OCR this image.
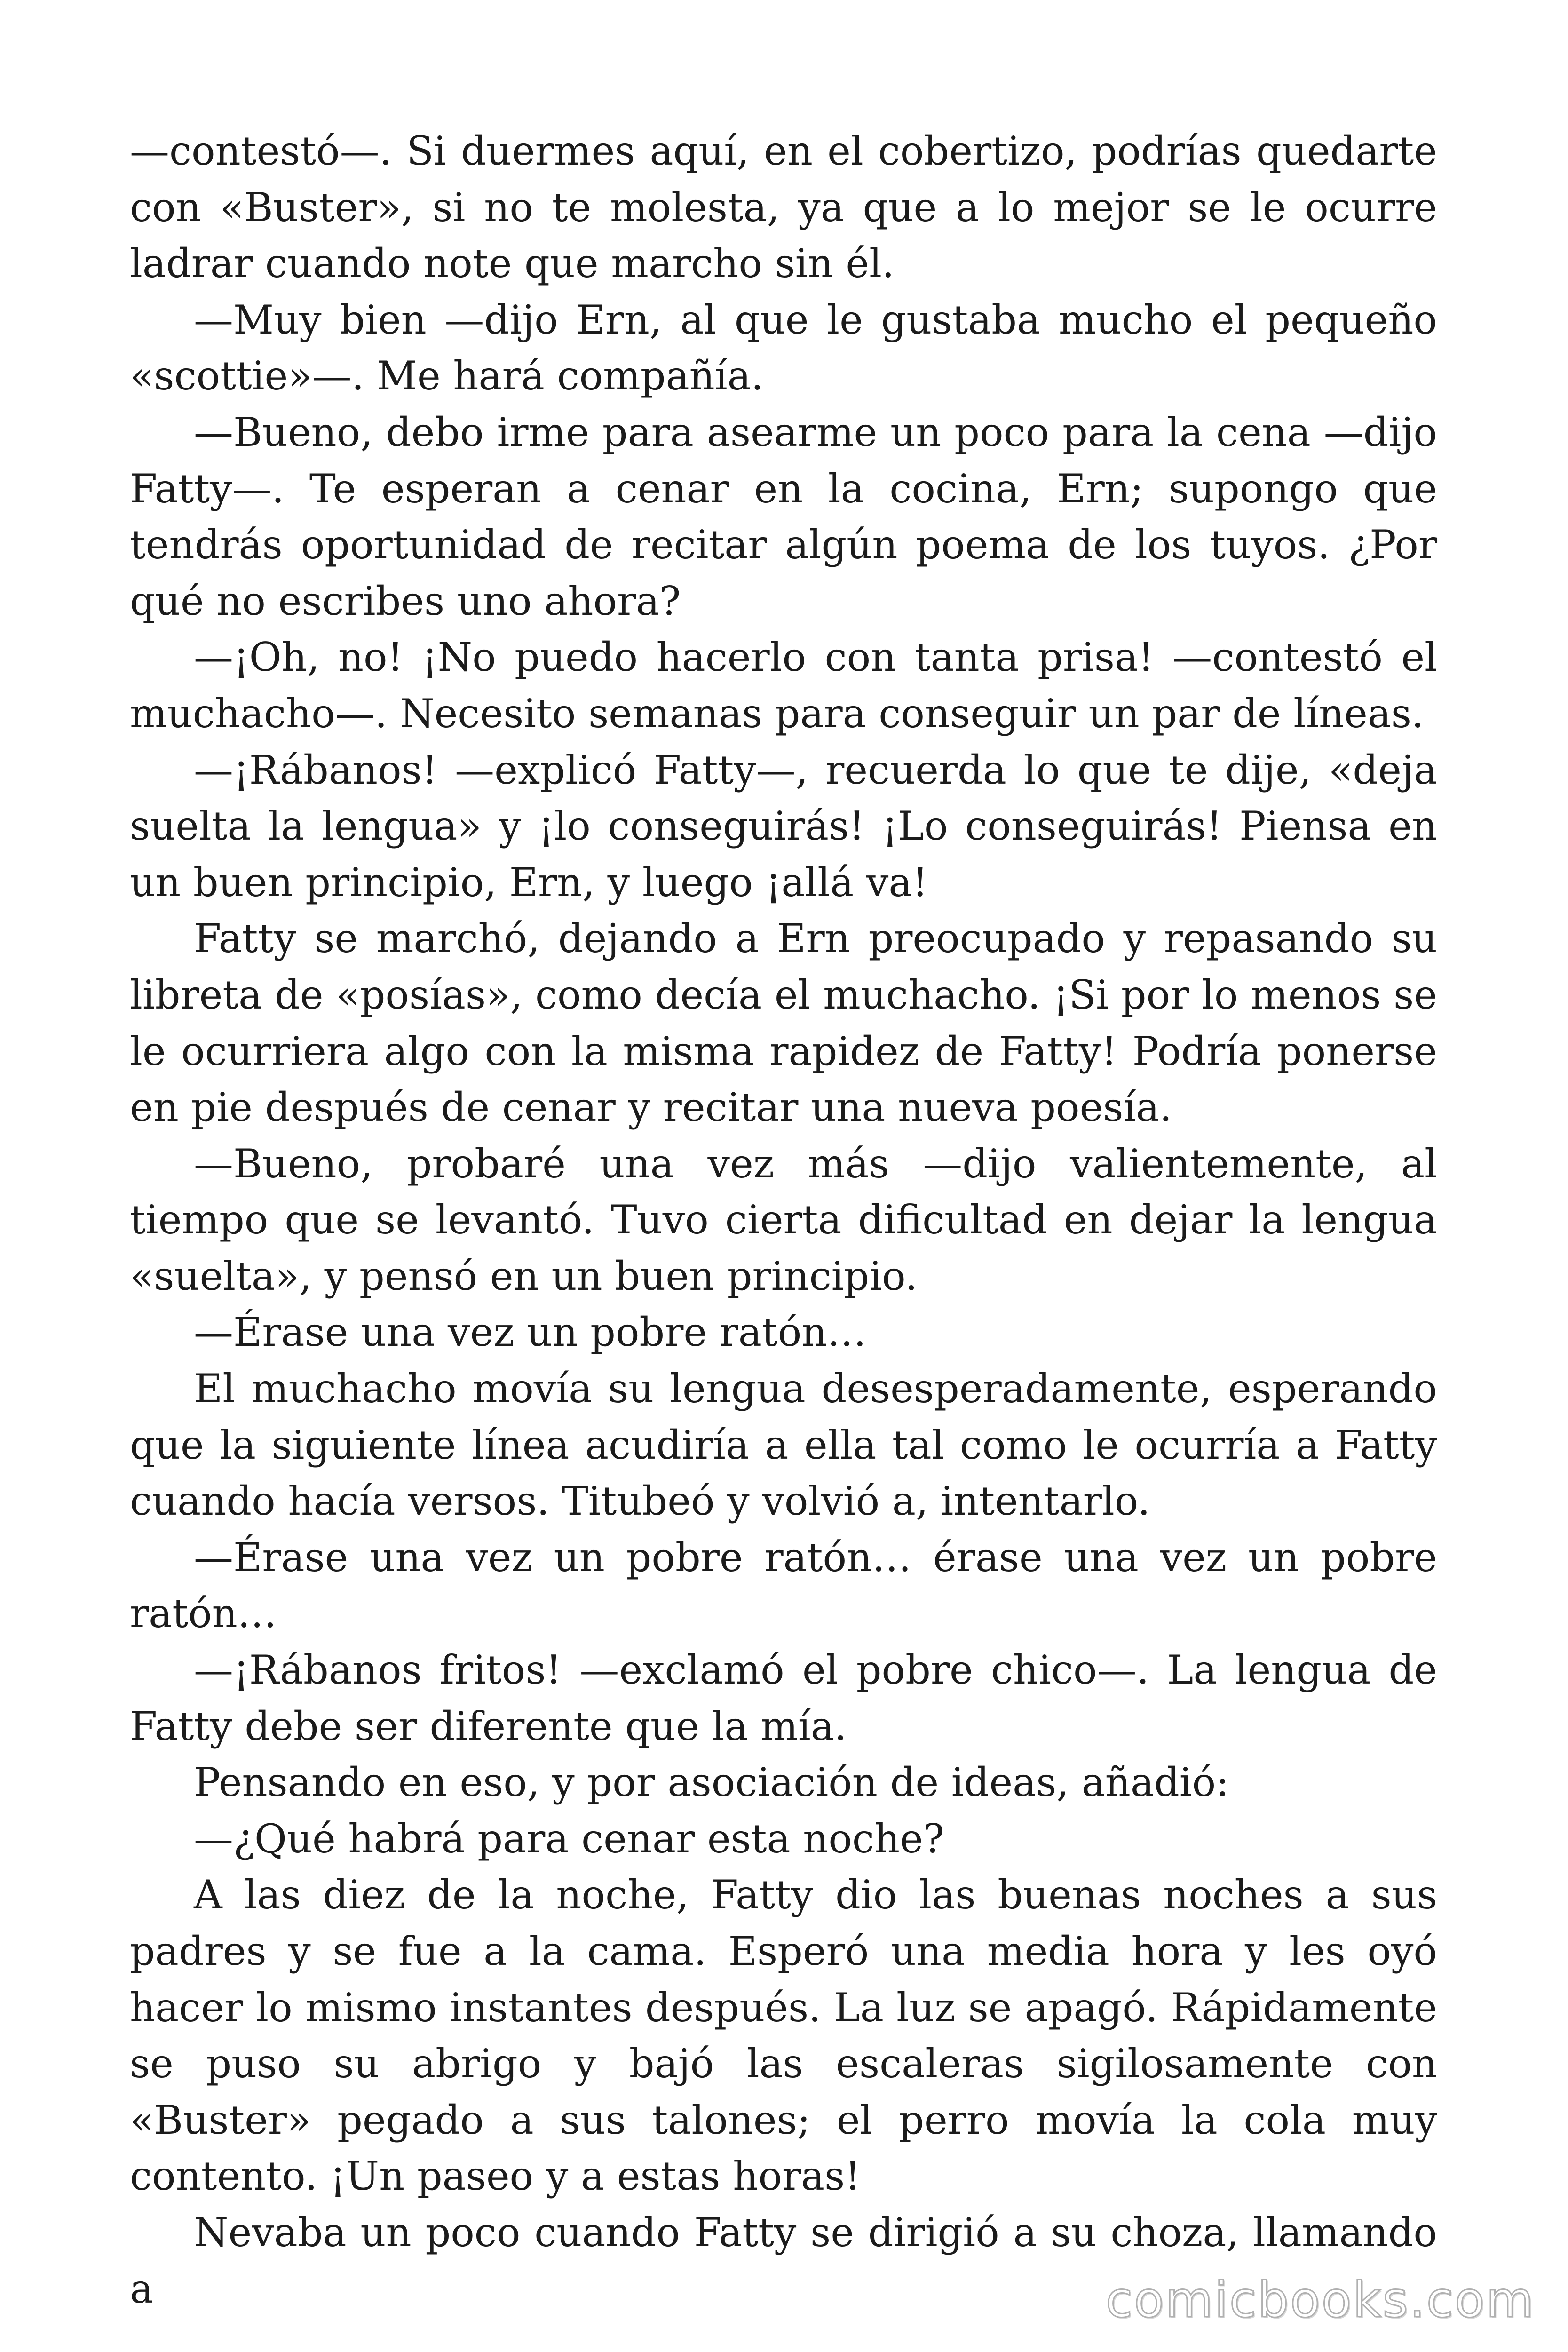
—contestó—. Si duermes aquí, en el cobertizo, podrías quedarte con «Buster», si no te molesta, ya que a lo mejor se le ocurre ladrar cuando note que marcho sin él.

—Muy bien —dijo Ern, al que le gustaba mucho el pequeño «scottie»—. Me hará compañía.

—Bueno, debo irme para asearme un poco para la cena —dijo Fatty—. Te esperan a cenar en la cocina, Ern; supongo que tendrás oportunidad de recitar algún poema de los tuyos. ¿Por qué no escribes uno ahora?

—¡Oh, no! ¡No puedo hacerlo con tanta prisa! —contestó el muchacho—. Necesito semanas para conseguir un par de líneas.

—¡Rábanos! —explicó Fatty—, recuerda lo que te dije, «deja suelta la lengua» y ¡lo conseguirás! ¡Lo conseguirás! Piensa en un buen principio, Ern, y luego ¡allá va!

Fatty se marchó, dejando a Ern preocupado y repasando su libreta de «posías», como decía el muchacho. ¡Si por lo menos se le ocurriera algo con la misma rapidez de Fatty! Podría ponerse en pie después de cenar y recitar una nueva poesía.

—Bueno, probaré una vez más —dijo valientemente, al tiempo que se levantó. Tuvo cierta dificultad en dejar la lengua «suelta», y pensó en un buen principio.

—Érase una vez un pobre ratón…

El muchacho movía su lengua desesperadamente, esperando que la siguiente línea acudiría a ella tal como le ocurría a Fatty cuando hacía versos. Titubeó y volvió a, intentarlo.

—Érase una vez un pobre ratón… érase una vez un pobre ratón…

—¡Rábanos fritos! —exclamó el pobre chico—. La lengua de Fatty debe ser diferente que la mía.

Pensando en eso, y por asociación de ideas, añadió:

—¿Qué habrá para cenar esta noche?

A las diez de la noche, Fatty dio las buenas noches a sus padres y se fue a la cama. Esperó una media hora y les oyó hacer lo mismo instantes después. La luz se apagó. Rápidamente se puso su abrigo y bajó las escaleras sigilosamente con «Buster» pegado a sus talones; el perro movía la cola muy contento. ¡Un paseo y a estas horas!

Nevaba un poco cuando Fatty se dirigió a su choza, llamando a	comicbooks.com
